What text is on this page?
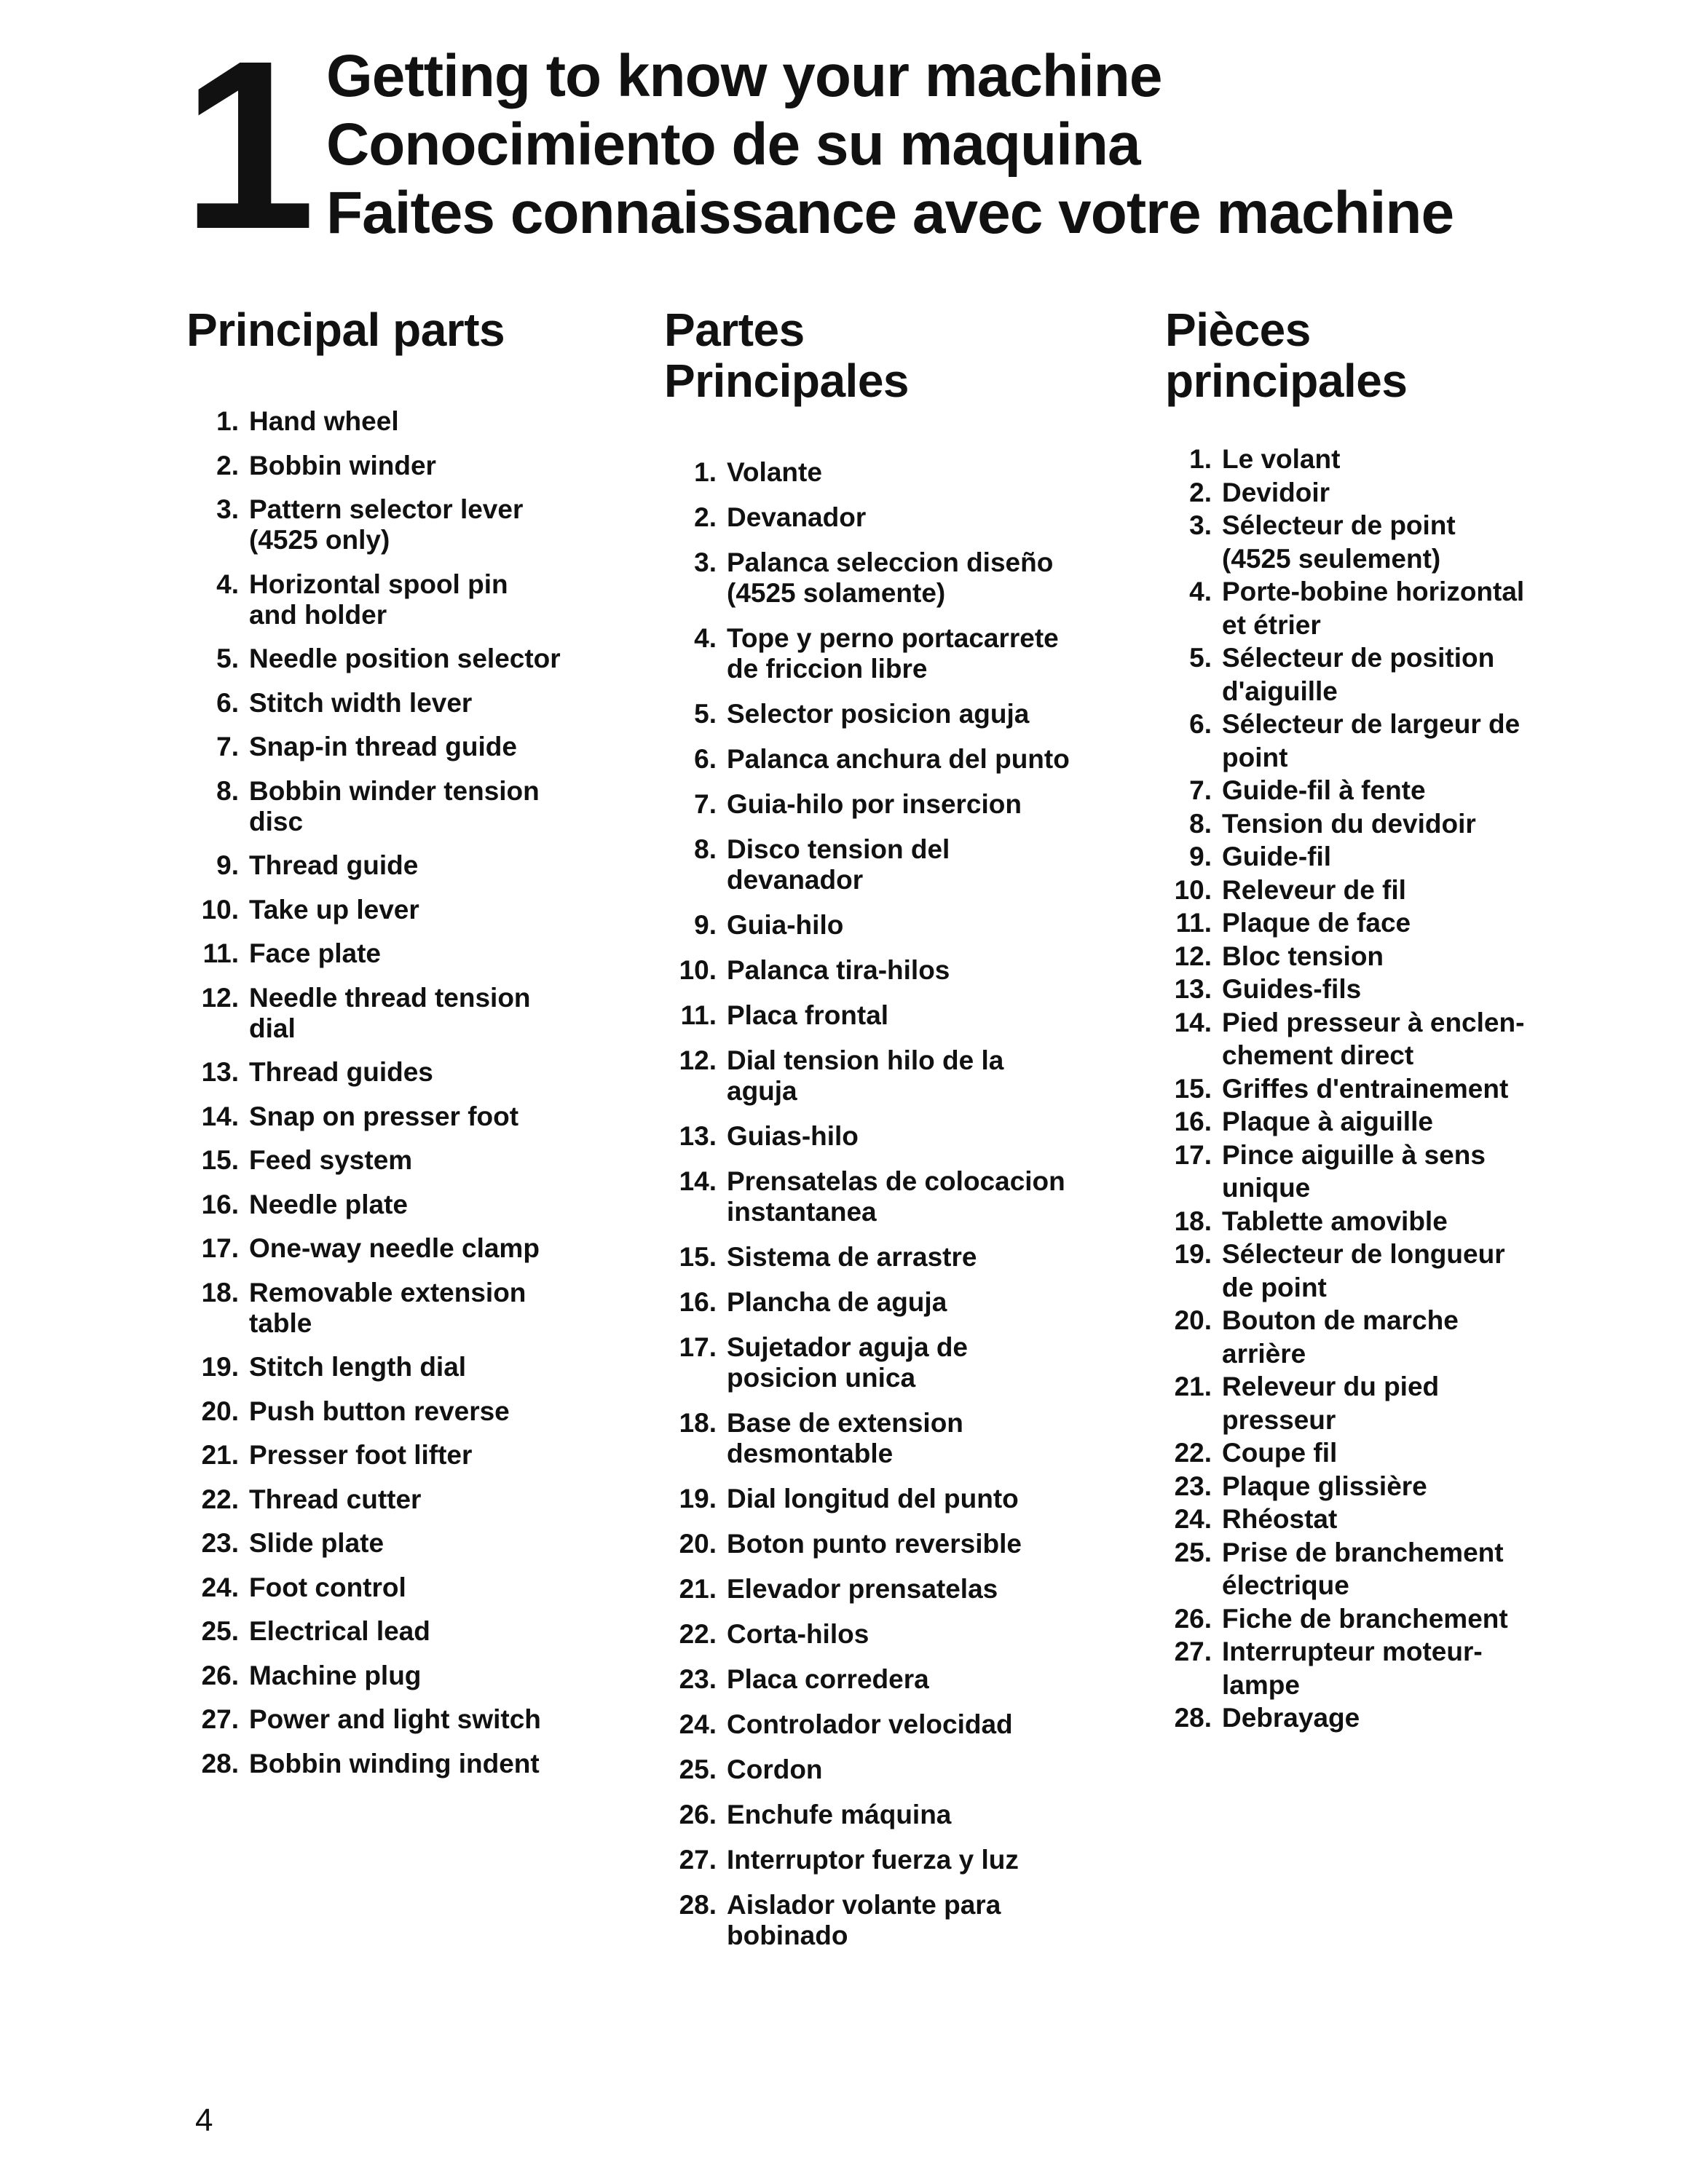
1 Getting to know your machine
Conocimiento de su maquina
Faites connaissance avec votre machine
Principal parts
1. Hand wheel
2. Bobbin winder
3. Pattern selector lever
(4525 only)
4. Horizontal spool pin
and holder
5. Needle position selector
6. Stitch width lever
7. Snap-in thread guide
8. Bobbin winder tension
disc
9. Thread guide
10. Take up lever
11. Face plate
12. Needle thread tension
dial
13. Thread guides
14. Snap on presser foot
15. Feed system
16. Needle plate
17. One-way needle clamp
18. Removable extension
table
19. Stitch length dial
20. Push button reverse
21. Presser foot lifter
22. Thread cutter
23. Slide plate
24. Foot control
25. Electrical lead
26. Machine plug
27. Power and light switch
28. Bobbin winding indent
Partes
Principales
1. Volante
2. Devanador
3. Palanca seleccion diseño
(4525 solamente)
4. Tope y perno portacarrete
de friccion libre
5. Selector posicion aguja
6. Palanca anchura del punto
7. Guia-hilo por insercion
8. Disco tension del
devanador
9. Guia-hilo
10. Palanca tira-hilos
11. Placa frontal
12. Dial tension hilo de la
aguja
13. Guias-hilo
14. Prensatelas de colocacion
instantanea
15. Sistema de arrastre
16. Plancha de aguja
17. Sujetador aguja de
posicion unica
18. Base de extension
desmontable
19. Dial longitud del punto
20. Boton punto reversible
21. Elevador prensatelas
22. Corta-hilos
23. Placa corredera
24. Controlador velocidad
25. Cordon
26. Enchufe máquina
27. Interruptor fuerza y luz
28. Aislador volante para
bobinado
Pièces
principales
1. Le volant
2. Devidoir
3. Sélecteur de point
(4525 seulement)
4. Porte-bobine horizontal
et étrier
5. Sélecteur de position
d'aiguille
6. Sélecteur de largeur de
point
7. Guide-fil à fente
8. Tension du devidoir
9. Guide-fil
10. Releveur de fil
11. Plaque de face
12. Bloc tension
13. Guides-fils
14. Pied presseur à enclen-
chement direct
15. Griffes d'entrainement
16. Plaque à aiguille
17. Pince aiguille à sens
unique
18. Tablette amovible
19. Sélecteur de longueur
de point
20. Bouton de marche
arrière
21. Releveur du pied
presseur
22. Coupe fil
23. Plaque glissière
24. Rhéostat
25. Prise de branchement
électrique
26. Fiche de branchement
27. Interrupteur moteur-
lampe
28. Debrayage
4
